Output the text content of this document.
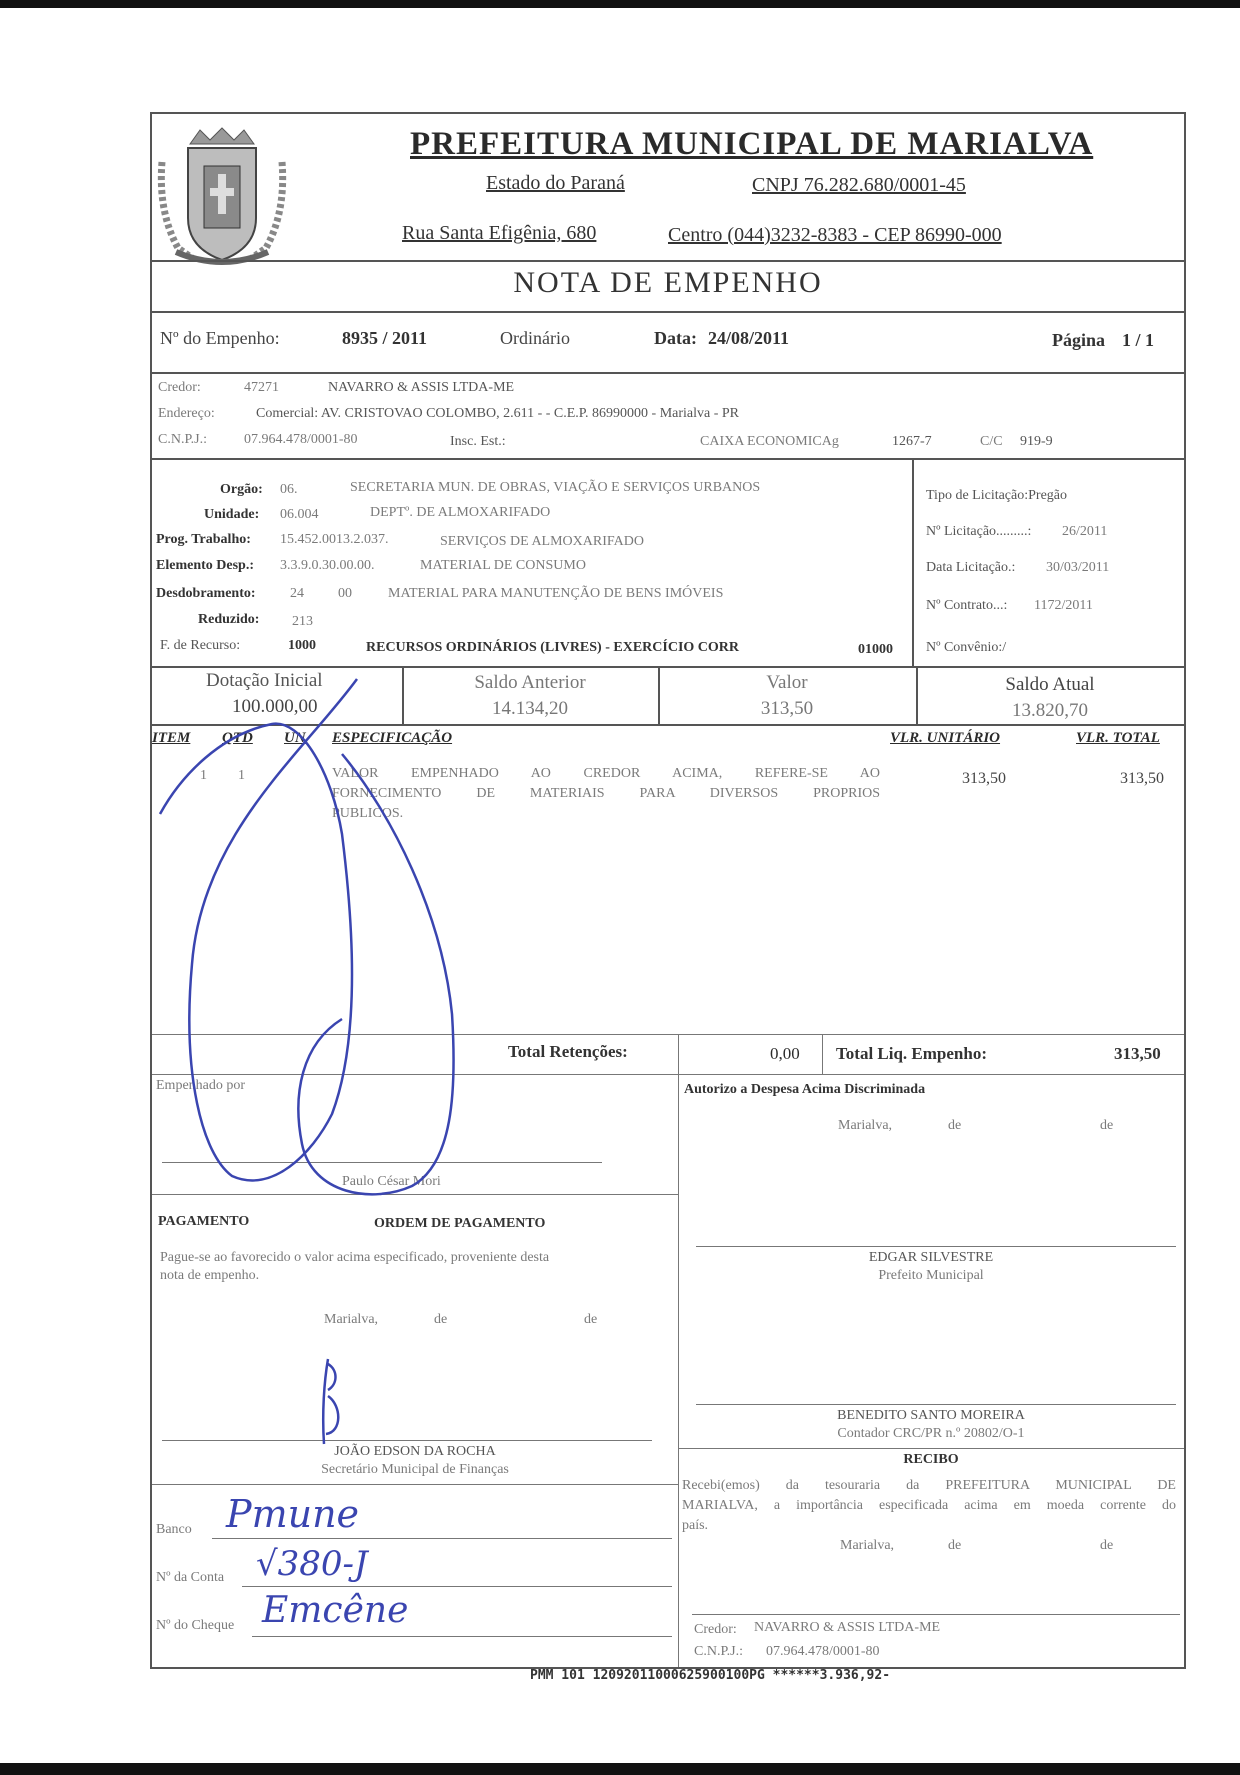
PREFEITURA MUNICIPAL DE MARIALVA
Estado do Paraná	CNPJ 76.282.680/0001-45
Rua Santa Efigênia, 680	Centro (044)3232-8383 - CEP 86990-000
NOTA DE EMPENHO
Nº do Empenho:	8935 / 2011	Ordinário	Data: 24/08/2011	Página 1 / 1
Credor:	47271	NAVARRO & ASSIS LTDA-ME
Endereço:	Comercial: AV. CRISTOVAO COLOMBO, 2.611 - - C.E.P. 86990000 - Marialva - PR
C.N.P.J.:	07.964.478/0001-80	Insc. Est.:	CAIXA ECONOMICAg	1267-7	C/C 919-9
Orgão: 06.	SECRETARIA MUN. DE OBRAS, VIAÇÃO E SERVIÇOS URBANOS
Unidade: 06.004	DEPTº. DE ALMOXARIFADO
Prog. Trabalho: 15.452.0013.2.037.	SERVIÇOS DE ALMOXARIFADO
Elemento Desp.: 3.3.9.0.30.00.00.	MATERIAL DE CONSUMO
Desdobramento: 24 00	MATERIAL PARA MANUTENÇÃO DE BENS IMÓVEIS
Reduzido: 213
F. de Recurso:	1000	RECURSOS ORDINÁRIOS (LIVRES) - EXERCÍCIO CORR	01000
Tipo de Licitação:Pregão
Nº Licitação.........: 26/2011
Data Licitação.: 30/03/2011
Nº Contrato...: 1172/2011
Nº Convênio:/
Dotação Inicial
100.000,00
Saldo Anterior
14.134,20
Valor
313,50
Saldo Atual
13.820,70
ITEM QTD UN ESPECIFICAÇÃO	VLR. UNITÁRIO	VLR. TOTAL
1 1	VALOR EMPENHADO AO CREDOR ACIMA, REFERE-SE AO
FORNECIMENTO DE MATERIAIS PARA DIVERSOS PROPRIOS
PUBLICOS.
313,50	313,50
Total Retenções:	0,00 Total Liq. Empenho:	313,50
Empenhado por
Paulo César Mori
PAGAMENTO	ORDEM DE PAGAMENTO
Pague-se ao favorecido o valor acima especificado, proveniente desta
nota de empenho.
Marialva,	de	de
JOÃO EDSON DA ROCHA
Secretário Municipal de Finanças
Banco Pmune
Nº da Conta √380-J
Nº do Cheque Emcêne
Autorizo a Despesa Acima Discriminada
Marialva,	de	de
EDGAR SILVESTRE
Prefeito Municipal
BENEDITO SANTO MOREIRA
Contador CRC/PR n.º 20802/O-1
RECIBO
Recebi(emos) da tesouraria da PREFEITURA MUNICIPAL DE
MARIALVA, a importância especificada acima em moeda corrente do
país.
Marialva,	de	de
Credor: NAVARRO & ASSIS LTDA-ME
C.N.P.J.: 07.964.478/0001-80
PMM 101 12092011000625900100PG ******3.936,92-
